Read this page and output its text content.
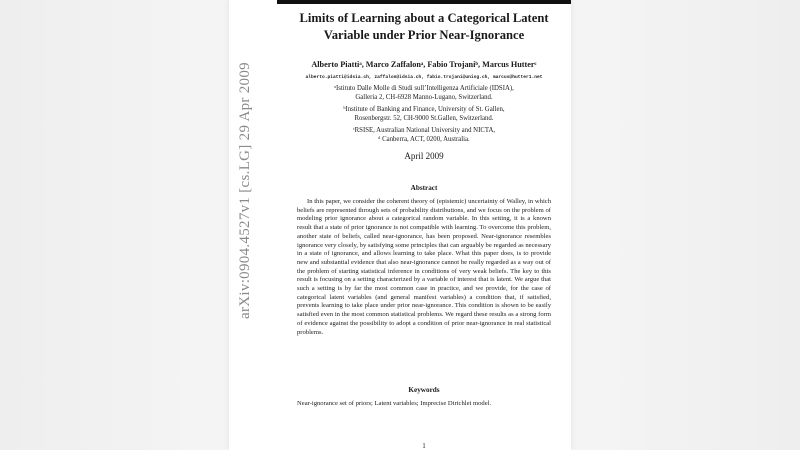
Limits of Learning about a Categorical Latent
Variable under Prior Near-Ignorance
Alberto Piattiᵃ, Marco Zaffalonᵃ, Fabio Trojaniᵇ, Marcus Hutterᶜ
alberto.piatti@idsia.ch, zaffalon@idsia.ch, fabio.trojani@unisg.ch, marcus@hutter1.net
ᵃIstituto Dalle Molle di Studi sull’Intelligenza Artificiale (IDSIA),
Galleria 2, CH-6928 Manno-Lugano, Switzerland.
ᵇInstitute of Banking and Finance, University of St. Gallen,
Rosenbergstr. 52, CH-9000 St.Gallen, Switzerland.
ᶜRSISE, Australian National University and NICTA,
ᵈ Canberra, ACT, 0200, Australia.
April 2009
Abstract

In this paper, we consider the coherent theory of (epistemic) uncertainty of Walley, in which beliefs are represented through sets of probability distributions, and we focus on the problem of modeling prior ignorance about a categorical random variable. In this setting, it is a known result that a state of prior ignorance is not compatible with learning. To overcome this problem, another state of beliefs, called near-ignorance, has been proposed. Near-ignorance resembles ignorance very closely, by satisfying some principles that can arguably be regarded as necessary in a state of ignorance, and allows learning to take place. What this paper does, is to provide new and substantial evidence that also near-ignorance cannot be really regarded as a way out of the problem of starting statistical inference in conditions of very weak beliefs. The key to this result is focusing on a setting characterized by a variable of interest that is latent. We argue that such a setting is by far the most common case in practice, and we provide, for the case of categorical latent variables (and general manifest variables) a condition that, if satisfied, prevents learning to take place under prior near-ignorance. This condition is shown to be easily satisfied even in the most common statistical problems. We regard these results as a strong form of evidence against the possibility to adopt a condition of prior near-ignorance in real statistical problems.

Keywords
Near-ignorance set of priors; Latent variables; Imprecise Dirichlet model.
1
arXiv:0904.4527v1 [cs.LG] 29 Apr 2009
